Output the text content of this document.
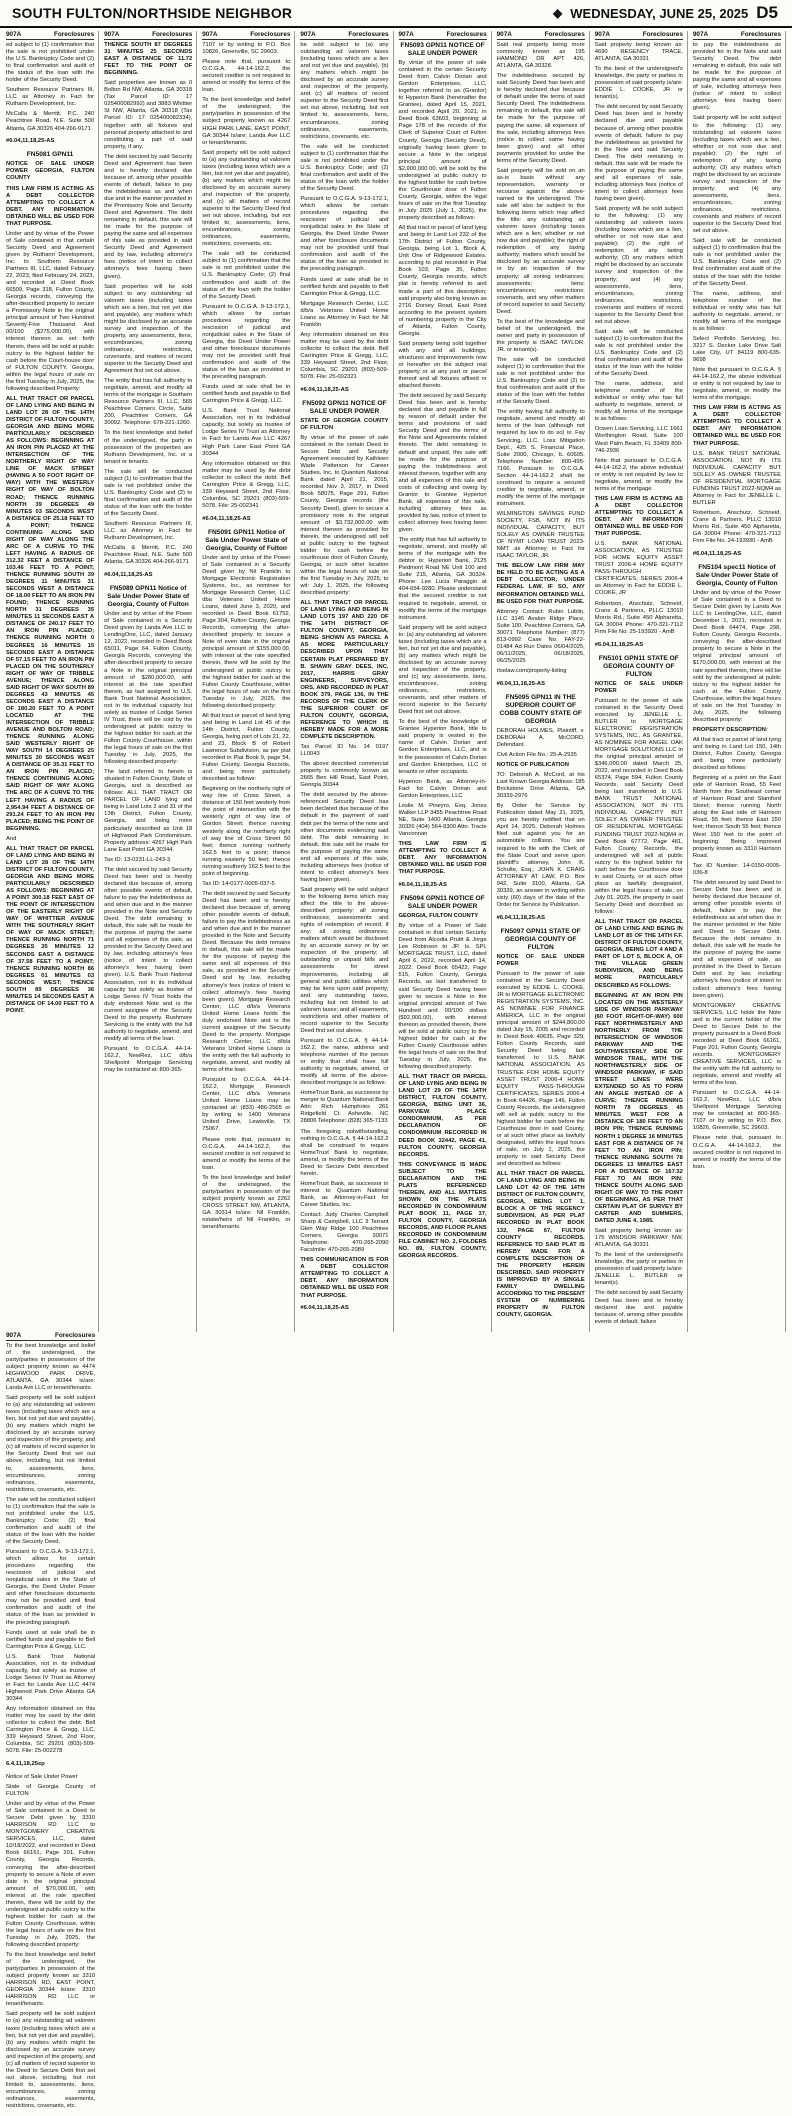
SOUTH FULTON/NORTHSIDE NEIGHBOR	◆ WEDNESDAY, JUNE 25, 2025 D5
907A	Foreclosures

ed subject to (1) confirmation that the sale is not prohibited under the U.S. Bankruptcy Code and (2) to final confirmation and audit of the status of the loan with the holder of the Security Deed.

Southern Resource Partners III, LLC as Attorney in Fact for Ruthann Development, Inc.

McCalla & Merritt, P.C. 240 Peachtree Road, N.E. Suite 500 Atlanta, GA 30326 404-266-9171

#6.04,11,18,25-AS

FN5081 GPN11

NOTICE OF SALE UNDER POWER GEORGIA, FULTON COUNTY

THIS LAW FIRM IS ACTING AS A DEBT COLLECTOR ATTEMPTING TO COLLECT A DEBT. ANY INFORMATION OBTAINED WILL BE USED FOR THAT PURPOSE.

Under and by virtue of the Power of Sale contained in that certain Security Deed and Agreement given by Ruthann Development, Inc. to Southern Resource Partners III, LLC, dated February 22, 2023, filed February 24, 2023, and recorded at Deed Book 66509, Page 318, Fulton County, Georgia records, conveying the after-described property to secure a Promissory Note in the original principal amount of Two Hundred Seventy-Five Thousand And 00/100 ($275,000.00), with interest thereon as set forth therein, there will be sold at public outcry to the highest bidder for cash before the Court-house door of FULTON COUNTY, Georgia, within the legal hours of sale on the first Tuesday in July, 2025, the following described Property:

ALL THAT TRACT OR PARCEL OF LAND LYING AND BEING IN LAND LOT 28 OF THE 14TH DISTRICT OF FULTON COUNTY, GEORGIA AND BEING MORE PARTICULARLY DESCRIBED AS FOLLOWS: BEGINNING AT AN IRON PIN PLACED AT THE INTERSECTION OF THE NORTHERLY RIGHT OF WAY LINE OF MACK STREET (HAVING A 50 FOOT RIGHT OF WAY) WITH THE WESTERLY RIGHT OF WAY OF BOLTON ROAD; THENCE RUNNING NORTH 39 DEGREES 49 MINUTES 03 SECONDS WEST A DISTANCE OF 25.18 FEET TO A POINT; THENCE CONTINUING ALONG SAID RIGHT OF WAY ALONG THE ARC OF A CURVE TO THE LEFT HAVING A RADIUS OF 312.32 FEET A DISTANCE OF 103.46 FEET TO A POINT; THENCE RUNNING SOUTH 39 DEGREES 11 MINUTES 31 SECONDS WEST A DISTANCE OF 18.00 FEET TO AN IRON PIN FOUND; THENCE RUNNING NORTH 31 DEGREES 35 MINUTES 11 SECONDS EAST A DISTANCE OF 240.17 FEET TO AN IRON PIN PLACED; THENCE RUNNING NORTH 0 DEGREES 16 MINUTES 15 SECONDS EAST A DISTANCE OF 57.15 FEET TO AN IRON PIN PLACED ON THE SOUTHERLY RIGHT OF WAY OF TRIBBLE AVENUE; THENCE ALONG SAID RIGHT OF WAY SOUTH 89 DEGREES 43 MINUTES 45 SECONDS EAST A DISTANCE OF 180.20 FEET TO A POINT LOCATED AT THE INTERSECTION OF TRIBBLE AVENUE AND BOLTON ROAD; THENCE RUNNING ALONG SAID WESTERLY RIGHT OF WAY SOUTH 14 DEGREES 25 MINUTES 30 SECONDS WEST A DISTANCE OF 35.31 FEET TO AN IRON PIN PLACED; THENCE CONTINUING ALONG SAID RIGHT OF WAY ALONG THE ARC OF A CURVE TO THE LEFT HAVING A RADIUS OF 2,954.94 FEET A DISTANCE OF 291.24 FEET TO AN IRON PIN PLACED; BEING THE POINT OF BEGINNING.

And

ALL THAT TRACT OR PARCEL OF LAND LYING AND BEING IN LAND LOT 28 OF THE 14TH DISTRICT OF FULTON COUNTY, GEORGIA AND BEING MORE PARTICULARLY DESCRIBED AS FOLLOWS: BEGINNING AT A POINT 300.18 FEET EAST OF THE POINT OF INTERSECTION OF THE EASTERLY RIGHT OF WAY OF WHITTIER AVENUE WITH THE SOUTHERLY RIGHT OF WAY OF MACK STREET; THENCE RUNNING NORTH 71 DEGREES 35 MINUTES 12 SECONDS EAST A DISTANCE OF 37.58 FEET TO A POINT; THENCE RUNNING NORTH 86 DEGREES 01 MINUTES 03 SECONDS WEST; THENCE SOUTH 89 DEGREES 36 MINUTES 14 SECONDS EAST A DISTANCE OF 14.00 FEET TO A POINT.

907A	Foreclosures

THENCE SOUTH 87 DEGREES 31 MINUTES 25 SECONDS EAST A DISTANCE OF 11.72 FEET TO THE POINT OF BEGINNING.

Said properties are known as 0 Bolton Rd NW, Atlanta, GA 30318 (Tax Parcel ID: 17 025400082992) and 3883 Whittier St NW, Atlanta, GA 30318 (Tax Parcel ID: 17 025400082334), together with all fixtures and personal property attached to and constituting a part of said property, if any.

The debt secured by said Security Deed and Agreement has been and is hereby declared due because of, among other possible events of default, failure to pay the indebtedness as and when due and in the manner provided in the Promissory Note and Security Deed and Agreement. The debt remaining in default, this sale will be made for the purpose of paying the same and all expenses of this sale as provided in said Security Deed and Agreement and by law, including attorney's fees (notice of intent to collect attorney's fees having been given).

Said properties will be sold subject to any outstanding ad valorem taxes (including taxes which are a lien, but not yet due and payable), any matters which might be disclosed by an accurate survey and inspection of the property, any assessments, liens, encumbrances, zoning ordinances, restrictions, covenants, and matters of record superior to the Security Deed and Agreement first set out above.

The entity that has full authority to negotiate, amend, and modify all terms of the mortgage is Southern Resource Partners III, LLC, 565 Peachtree Corners Circle, Suite 200, Peachtree Corners, GA 30092. Telephone: 678-221-1260.

To the best knowledge and belief of the undersigned, the party in possession of the properties are Ruthann Development, Inc. or a tenant or tenants.

The sale will be conducted subject (1) to confirmation that the sale is not prohibited under the U.S. Bankruptcy Code and (2) to final confirmation and audit of the status of the loan with the holder of the Security Deed.

Southern Resource Partners III, LLC as Attorney in Fact for Ruthann Development, Inc.

McCalla & Merritt, P.C. 240 Peachtree Road, N.E. Suite 500 Atlanta, GA 30326 404-266-9171

#6.04,11,18,25-AS

FN5089 GPN11 Notice of Sale Under Power State of Georgia, County of Fulton

Under and by virtue of the Power of Sale contained in a Security Deed given by Landa Ave LLC to LendingOne, LLC, dated January 12, 2022, recorded in Deed Book 65011, Page 64, Fulton County, Georgia Records, conveying the after-described property to secure a Note in the original principal amount of $280,000.00, with interest at the rate specified therein, as last assigned to U.S. Bank Trust National Association, not in its individual capacity but solely as trustee of Lodge Series IV Trust, there will be sold by the undersigned at public outcry to the highest bidder for cash at the Fulton County Courthouse, within the legal hours of sale on the first Tuesday in July, 2025, the following described property:

The land referred to herein is situated in Fulton County, State of Georgia, and is described as follows: ALL THAT TRACT OR PARCEL OF LAND lying and being in Land Lots 2 and 31 of the 13th District, Fulton County, Georgia, and being more particularly described as Unit 18 of Highwood Park Condominium. Property address: 4267 High Park Lane East Point GA 30344.

Tax ID: 13-0231-LL-243-3

The debt secured by said Security Deed has been and is hereby declared due because of, among other possible events of default, failure to pay the indebtedness as and when due and in the manner provided in the Note and Security Deed. The debt remaining in default, this sale will be made for the purpose of paying the same and all expenses of this sale, as provided in the Security Deed and by law, including attorney's fees (notice of intent to collect attorney's fees having been given). U.S. Bank Trust National Association, not in its individual capacity but solely as trustee of Lodge Series IV Trust holds the duly endorsed Note and is the current assignee of the Security Deed to the property. Rushmore Servicing is the entity with the full authority to negotiate, amend, and modify all terms of the loan.

Pursuant to O.C.G.A. 44-14-162.2, NewRez, LLC d/b/a Shellpoint Mortgage Servicing may be contacted at: 800-365-

907A	Foreclosures

7107 or by writing to P.O. Box 10826, Greenville, SC 29603.

Please note that, pursuant to O.C.G.A. 44-14-162.2, the secured creditor is not required to amend or modify the terms of the loan.

To the best knowledge and belief of the undersigned, the party/parties in possession of the subject property known as 4267 HIGH PARK LANE, EAST POINT, GA 30344 is/are: Landa Ave LLC or tenant/tenants.

Said property will be sold subject to (a) any outstanding ad valorem taxes (including taxes which are a lien, but not yet due and payable), (b) any matters which might be disclosed by an accurate survey and inspection of the property, and (c) all matters of record superior to the Security Deed first set out above, including, but not limited to, assessments, liens, encumbrances, zoning ordinances, easements, restrictions, covenants, etc.

The sale will be conducted subject to (1) confirmation that the sale is not prohibited under the U.S. Bankruptcy Code; (2) final confirmation and audit of the status of the loan with the holder of the Security Deed.

Pursuant to O.C.G.A. 9-13-172.1, which allows for certain procedures regarding the rescission of judicial and nonjudicial sales in the State of Georgia, the Deed Under Power and other foreclosure documents may not be provided until final confirmation and audit of the status of the loan as provided in the preceding paragraph.

Funds used at sale shall be in certified funds and payable to Bell Carrington Price & Gregg, LLC.

U.S. Bank Trust National Association, not in its individual capacity, but solely as trustee of Lodge Series IV Trust as Attorney in Fact for Landa Ave LLC 4267 High Park Lane East Point GA 30344

Any information obtained on this matter may be used by the debt collector to collect the debt. Bell Carrington Price & Gregg, LLC, 339 Heyward Street, 2nd Floor, Columbia, SC 29201 (803)-509-5078. File: 25-002341

#6.04,11,18,25-AS

FN5091 GPN11 Notice of Sale Under Power State of Georgia, County of Fulton

Under and by virtue of the Power of Sale contained in a Security Deed given by Nil Franklin to Mortgage Electronic Registration Systems, Inc., as nominee for Mortgage Research Center, LLC dba Veterans United Home Loans, dated June 3, 2020, and recorded in Deed Book 61752, Page 304, Fulton County, Georgia Records, conveying the after-described property to secure a Note of even date in the original principal amount of $155,000.00, with interest at the rate specified therein, there will be sold by the undersigned at public outcry to the highest bidder for cash at the Fulton County Courthouse, within the legal hours of sale on the first Tuesday in July, 2025, the following described property:

All that tract or parcel of land lying and being in Land Lot 45 of the 14th District, Fulton County, Georgia, being part of Lots 21, 22, and 23, Block B of Robert Lawrence Subdivision, as per plat recorded in Plat Book 9, page 54, Fulton County, Georgia Records, and being more particularly described as follows:

Beginning on the northerly right of way line of Cross Street, a distance of 150 feet westerly from the point of intersection with the westerly right of way line of Gordon Street; thence running westerly along the northerly right of way line of Cross Street 50 feet; thence running northerly 162.5 feet to a point; thence running easterly 50 feet; thence running southerly 162.5 feet to the point of beginning.

Tax ID: 14-0177-0005-037-5

The debt secured by said Security Deed has been and is hereby declared due because of, among other possible events of default, failure to pay the indebtedness as and when due and in the manner provided in the Note and Security Deed. Because the debt remains in default, this sale will be made for the purpose of paying the same and all expenses of this sale, as provided in the Security Deed and by law, including attorney's fees (notice of intent to collect attorney's fees having been given). Mortgage Research Center, LLC d/b/a Veterans United Home Loans holds the duly endorsed Note and is the current assignee of the Security Deed to the property. Mortgage Research Center, LLC d/b/a Veterans United Home Loans is the entity with the full authority to negotiate, amend, and modify all terms of the loan.

Pursuant to O.C.G.A. 44-14-162.2, Mortgage Research Center, LLC d/b/a Veterans United Home Loans may be contacted at: (833) 486-2565 or by writing to 1400 Veterans United Drive, Lewisville, TX 75067.

Please note that, pursuant to O.C.G.A. 44-14-162.2, the secured creditor is not required to amend or modify the terms of the loan.

To the best knowledge and belief of the undersigned, the party/parties in possession of the subject property known as 2262 CROSS STREET NW, ATLANTA, GA 30314 is/are: Nil Franklin, estate/heirs of Nil Franklin, or tenant/tenants.

907A	Foreclosures

be sold subject to (a) any outstanding ad valorem taxes (including taxes which are a lien and not yet due and payable), (b) any matters which might be disclosed by an accurate survey and inspection of the property, and (c) all matters of record superior to the Security Deed first set out above, including, but not limited to, assessments, liens, encumbrances, zoning ordinances, easements, restrictions, covenants, etc.

The sale will be conducted subject to (1) confirmation that the sale is not prohibited under the U.S. Bankruptcy Code; and (2) final confirmation and audit of the status of the loan with the holder of the Security Deed.

Pursuant to O.C.G.A. 9-13-172.1, which allows for certain procedures regarding the rescission of judicial and nonjudicial sales in the State of Georgia, the Deed Under Power and other foreclosure documents may not be provided until final confirmation and audit of the status of the loan as provided in the preceding paragraph.

Funds used at sale shall be in certified funds and payable to Bell Carrington Price & Gregg, LLC.

Mortgage Research Center, LLC d/b/a Veterans United Home Loans as Attorney in Fact for Nil Franklin

Any information obtained on this matter may be used by the debt collector to collect the debt. Bell Carrington Price & Gregg, LLC, 339 Heyward Street, 2nd Floor, Columbia, SC 29201 (803)-509-5078. File: 25-002321

#6.04,11,18,25-AS

FN5092 GPN11 NOTICE OF SALE UNDER POWER

STATE OF GEORGIA COUNTY OF FULTON

By virtue of the power of sale contained in the certain Deed to Secure Debt and Security Agreement executed by Kathleen Wade Patterson for Career Studies, Inc. to Quantum National Bank dated April 21, 2015, recorded Nov 3, 2017, in Deed Book 58075, Page 291, Fulton County, Georgia records (the Security Deed), given to secure a promissory note in the original amount of $3,732,000.00 with interest thereon as provided for therein, the undersigned will sell at public outcry to the highest bidder for cash before the courthouse door of Fulton County, Georgia, or such other location within the legal hours of sale on the first Tuesday in July, 2025, to wit: July 1, 2025, the following described property:

ALL THAT TRACT OR PARCEL OF LAND LYING AND BEING IN LAND LOTS 197 AND 220 OF THE 14TH DISTRICT OF FULTON COUNTY, GEORGIA, BEING SHOWN AS PARCEL A AS MORE PARTICULARLY DESCRIBED UPON THAT CERTAIN PLAT PREPARED BY B. SHAWN GRAY DEES, INC. 2017, HARRIS GRAY ENGINEERS, SURVEYORS, ORS, AND RECORDED IN PLAT BOOK 379, PAGE 136, IN THE RECORDS OF THE CLERK OF THE SUPERIOR COURT OF FULTON COUNTY, GEORGIA, REFERENCE TO WHICH IS HEREBY MADE FOR A MORE COMPLETE DESCRIPTION.

Tax Parcel ID No. 14 0197 LL0043

The above described commercial property is commonly known as 2665 Ben Hill Road, East Point, Georgia 30344

The debt secured by the above-referenced Security Deed has been declared due because of the default in the payment of said debt per the terms of the note and other documents evidencing said debt. The debt remaining in default, this sale will be made for the purpose of paying the same and all expenses of this sale, including attorneys fees (notice of intent to collect attorney's fees having been given).

Said property will be sold subject to the following items which may affect the title to the above-described property: all zoning ordinances; assessments and rights of redemption of record, if any; all zoning ordinances; matters which would be disclosed by an accurate survey or by an inspection of the property; all outstanding or unpaid bills and assessments for street improvements, including all general and public utilities which may be liens upon said property; and any outstanding taxes, including but not limited to ad valorem taxes; and all easements, restrictions and other matters of record superior to the Security Deed first set out above.

Pursuant to O.C.G.A. § 44-14-162.2, the name, address and telephone number of the person or entity that shall have full authority to negotiate, amend, or modify all terms of the above-described mortgage is as follows:

HomeTrust Bank, as successor by merger to Quantum National Bank Attn: Rich Humphries 261 Ridgefield Ct. Asheville, NC 28806 Telephone: (828) 365-7133

The foregoing notwithstanding, nothing in O.C.G.A. § 44-14-162.2 shall be construed to require HomeTrust Bank to negotiate, amend, or modify the terms of the Deed to Secure Debt described herein.

HomeTrust Bank, as successor in interest to Quantum National Bank, as Attorney-in-Fact for Career Studies, Inc.

Contact: Judy Charles Campbell Sharp & Campbell, LLC 3 Tarrant Glen Way Ridge 100 Peachtree Corners, Georgia 30071 Telephone: 470-265-2090 Facsimile: 470-265-2089

THIS COMMUNICATION IS FOR A DEBT COLLECTOR ATTEMPTING TO COLLECT A DEBT. ANY INFORMATION OBTAINED WILL BE USED FOR THAT PURPOSE.

#6.04,11,18,25-AS

907A	Foreclosures
FN5093 GPN11 NOTICE OF SALE UNDER POWER

By virtue of the power of sale contained in the certain Security Deed from Calvin Dorian and Gordon Enterprises, LLC, together referred to as (Grantor) to Hyperion Bank (hereinafter the Grantee), dated April 15, 2021, and recorded April 20, 2021, in Deed Book 63603, beginning at Page 178 of the records of the Clerk of Superior Court of Fulton County, Georgia (Security Deed), originally having been given to secure a Note in the original principal amount of $2,900,000.00, will be sold by the undersigned at public outcry to the highest bidder for cash before the Courthouse door of Fulton County, Georgia, within the legal hours of sale on the first Tuesday in July 2025 (July 1, 2025), the property described as follows:

All that tract or parcel of land lying and being in Land Lot 232 of the 17th District of Fulton County, Georgia, being Lot 1, Block A, Unit One of Ridgewood Estates, according to plat recorded in Plat Book 103, Page 35, Fulton County, Georgia records, which plat is hereby referred to and made a part of this description; said property also being known as 2716 Dorsey Road, East Point according to the present system of numbering property in the City of Atlanta, Fulton County, Georgia.

Said property being sold together with any and all buildings, structures and improvements now or hereafter on the subject real property or at any part or parcel thereof and all fixtures affixed or attached thereto.

The debt secured by said Security Deed has been and is hereby declared due and payable in full by reason of default under the terms and provisions of said Security Deed and the terms of the Note and Agreements related thereto. The debt remaining in default and unpaid, this sale will be made for the purpose of paying the indebtedness and interest thereon, together with any and all expenses of this sale and costs of collecting and owing by Grantor to Grantee Hyperion Bank, all expenses of this sale, including attorney fees as provided by law, notice of intent to collect attorney fees having been given.

The entity that has full authority to negotiate, amend, and modify all terms of the mortgage with the debtor is: Hyperion Bank, 2125 Piedmont Road NE Unit 100 and Suite 215, Atlanta, GA 30324. Phone: Lee Lucia Paraggio at 404-654-9280. Please understand that the secured creditor is not required to negotiate, amend, or modify the terms of the mortgage instrument.

Said property will be sold subject to: (a) any outstanding ad valorem taxes (including taxes which are a lien, but not yet due and payable), (b) any matters which might be disclosed by an accurate survey and inspection of the property, and (c) any assessments, liens, encumbrances, zoning ordinances, restrictions, covenants, and other matters of record superior to the Security Deed first set out above.

To the best of the knowledge of Grantee Hyperion Bank, title to said property is vested in the name of Calvin Dorian and Gordon Enterprises, LLC, and is in the possession of Calvin Dorian and Gordon Enterprises, LLC or tenants or other occupants.

Hyperion Bank, as Attorney-in-Fact for Calvin Dorian and Gordon Enterprises, LLC

Leslie M. Pineyro, Esq. Jones Walker LLP 3455 Peachtree Road NE, Suite 1400 Atlanta, Georgia 30326 (404) 564-9300 Attn: Tracie Vanconnan

THIS LAW FIRM IS ATTEMPTING TO COLLECT A DEBT. ANY INFORMATION OBTAINED WILL BE USED FOR THAT PURPOSE.

#6.04,11,18,25-AS

FN5094 GPN11 NOTICE OF SALE UNDER POWER

GEORGIA, FULTON COUNTY

By virtue of a Power of Sale contained in that certain Security Deed from Alcodia Pruitt & Jorge Lee Robinson to JP. Is. SPL MORTGAGE TRUST, LLC, dated April 6, 2022, recorded April 14, 2022, Deed Book 65422, Page 515, Fulton County, Georgia Records, as last transferred to said Security Deed having been given to secure a Note in the original principal amount of Two Hundred and 00/100 dollars ($92,000.00), with interest thereon as provided therein, there will be sold at public outcry to the highest bidder for cash at the Fulton County Courthouse within the legal hours of sale on the first Tuesday in July, 2025, the following described property:

ALL THAT TRACT OR PARCEL OF LAND LYING AND BEING IN LAND LOT 29 OF THE 14TH DISTRICT, FULTON COUNTY, GEORGIA, BEING UNIT 36, PARKVIEW PLACE CONDOMINIUM, AS PER DECLARATION OF CONDOMINIUM RECORDED IN DEED BOOK 32442, PAGE 41, FULTON COUNTY, GEORGIA RECORDS.

THIS CONVEYANCE IS MADE SUBJECT TO THE DECLARATION AND THE PLATS REFERENCED THEREIN, AND ALL MATTERS SHOWN ON THE PLATS RECORDED IN CONDOMINIUM PLAT BOOK 11, PAGE 37, FULTON COUNTY, GEORGIA RECORDS, AND FLOOR PLANS RECORDED IN CONDOMINIUM FILE CABINET NO. 2, FOLDERS NO. 89, FULTON COUNTY, GEORGIA RECORDS.

907A	Foreclosures

Said real property being more commonly known as 195 HAMMOND DR APT 426, ATLANTA, GA 30328.

The indebtedness secured by said Security Deed has been and is hereby declared due because of default under the terms of said Security Deed. The indebtedness remaining in default, this sale will be made for the purpose of paying the same, all expenses of the sale, including attorneys fees (notice to collect same having been given) and all other payments provided for under the terms of the Security Deed.

Said property will be sold on an as-is basis without any representation, warranty or recourse against the above-named or the undersigned. The sale will also be subject to the following items which may affect the title: any outstanding ad valorem taxes (including taxes which are a lien, whether or not now due and payable); the right of redemption of any taxing authority; matters which would be disclosed by an accurate survey or by an inspection of the property; all zoning ordinances; assessments; liens; encumbrances; restrictions; covenants, and any other matters of record superior to said Security Deed.

To the best of the knowledge and belief of the undersigned, the owner and party in possession of the property is ISAAC TAYLOR, JR. or tenant(s).

The sale will be conducted subject (1) to confirmation that the sale is not prohibited under the U.S. Bankruptcy Code and (2) to final confirmation and audit of the status of the loan with the holder of the Security Deed.

The entity having full authority to negotiate, amend and modify all terms of the loan (although not required by law to do so) is: Fay Servicing, LLC, Loss Mitigation Dept., 425 S. Financial Place, Suite 2000, Chicago, IL 60605. Telephone Number: 800-495-7166. Pursuant to O.C.G.A. Section 44-14-162.2 shall be construed to require a secured creditor to negotiate, amend, or modify the terms of the mortgage instrument.

WILMINGTON SAVINGS FUND SOCIETY, FSB, NOT IN ITS INDIVIDUAL CAPACITY, BUT SOLELY AS OWNER TRUSTEE OF NYMT LOAN TRUST 2023-NMT as Attorney in Fact for ISAAC TAYLOR, JR.

THE BELOW LAW FIRM MAY BE HELD TO BE ACTING AS A DEBT COLLECTOR, UNDER FEDERAL LAW. IF SO, ANY INFORMATION OBTAINED WILL BE USED FOR THAT PURPOSE.

Attorney Contact: Rubin Lublin, LLC 3145 Avalon Ridge Place, Suite 100, Peachtree Corners, GA 30071 Telephone Number: (877) 813-0992 Case No. FAY-22-01484 Ad Run Dates 06/04/2025, 06/11/2025, 06/18/2025, 06/25/2025

rlselaw.com/property-listing

#6.04,11,18,25-AS

FN5095 GPN11 IN THE SUPERIOR COURT OF COBB COUNTY STATE OF GEORGIA

DEBORAH HOLMES, Plaintiff, v. DEBORAH A. McCORD, Defendant.

Civil Action File No.: 25-A-2935

NOTICE OF PUBLICATION

TO: Deborah A. McCord, at his Last Known Georgia Address: 185 Brickstone Drive Atlanta, GA 30339-2976

By Order for Service by Publication dated May 21, 2025, you are hereby notified that on April 14, 2025, Deborah Holmes filed suit against you for an automobile collision. You are required to file with the Clerk of the State Court and serve upon plaintiff's attorney, John K. Schulte, Esq., JOHN K. CRAIG ATTORNEY AT LAW, P.O. Box 942, Suite 3100, Atlanta, GA 30339, an answer in writing within sixty (60) days of the date of the Order for Service by Publication.

#6.04,11,18,25-AS

FN5097 GPN11 STATE OF GEORGIA COUNTY OF FULTON

NOTICE OF SALE UNDER POWER

Pursuant to the power of sale contained in the Security Deed executed by EDDIE L. COOKE, JR to MORTGAGE ELECTRONIC REGISTRATION SYSTEMS, INC. AS NOMINEE FOR FINANCE AMERICA, LLC in the original principal amount of $244,800.00 dated July 15, 2005 and recorded in Deed Book 40635, Page 329, Fulton County Records, said Security Deed being last transferred to U.S. BANK NATIONAL ASSOCIATION, AS TRUSTEE FOR HOME EQUITY ASSET TRUST 2006-4 HOME EQUITY PASS-THROUGH CERTIFICATES, SERIES 2006-4 in Book 64426, Page 146, Fulton County Records, the undersigned will sell at public outcry to the highest bidder for cash before the Courthouse door in said County, or at such other place as lawfully designated, within the legal hours of sale, on July 1, 2025, the property in said Security Deed and described as follows:

ALL THAT TRACT OR PARCEL OF LAND LYING AND BEING IN LAND LOT 42 OF THE 14TH DISTRICT OF FULTON COUNTY, GEORGIA, BEING LOT 1, BLOCK A OF THE REGENCY SUBDIVISION, AS PER PLAT RECORDED IN PLAT BOOK 132, PAGE 67, FULTON COUNTY RECORDS. REFERENCE TO SAID PLAT IS HEREBY MADE FOR A COMPLETE DESCRIPTION OF THE PROPERTY HEREIN DESCRIBED. SAID PROPERTY IS IMPROVED BY A SINGLE FAMILY DWELLING ACCORDING TO THE PRESENT SYSTEM OF NUMBERING PROPERTY IN FULTON COUNTY, GEORGIA.

907A	Foreclosures

Said property being known as: 4690 REGENCY TRACE, ATLANTA, GA 30331

To the best of the undersigned's knowledge, the party or parties in possession of said property is/are: EDDIE L. COOKE, JR or tenant(s).

The debt secured by said Security Deed has been and is hereby declared due and payable because of, among other possible events of default, failure to pay the indebtedness as provided for in the Note and said Security Deed. The debt remaining in default, this sale will be made for the purpose of paying the same and all expenses of sale, including attorneys fees (notice of intent to collect attorneys fees having been given).

Said property will be sold subject to the following: (1) any outstanding ad valorem taxes (including taxes which are a lien, whether or not now due and payable); (2) the right of redemption of any taxing authority; (3) any matters which might be disclosed by an accurate survey and inspection of the property; and (4) any assessments, liens, encumbrances, zoning ordinances, restrictions, covenants and matters of record superior to the Security Deed first set out above.

Said sale will be conducted subject (1) to confirmation that the sale is not prohibited under the U.S. Bankruptcy Code and (2) final confirmation and audit of the status of the loan with the holder of the Security Deed.

The name, address, and telephone number of the individual or entity who has full authority to negotiate, amend, or modify all terms of the mortgage is as follows:

Ocwen Loan Servicing, LLC 1661 Worthington Road, Suite 100 West Palm Beach, FL 33409 800-746-2936

Note that pursuant to O.C.G.A. 44-14-162.2, the above individual or entity is not required by law to negotiate, amend, or modify the terms of the mortgage.

THIS LAW FIRM IS ACTING AS A DEBT COLLECTOR ATTEMPTING TO COLLECT A DEBT. ANY INFORMATION OBTAINED WILL BE USED FOR THAT PURPOSE.

U.S. BANK NATIONAL ASSOCIATION, AS TRUSTEE FOR HOME EQUITY ASSET TRUST 2006-4 HOME EQUITY PASS-THROUGH CERTIFICATES, SERIES 2006-4 as Attorney in Fact for EDDIE L. COOKE, JR

Robertson, Anschutz, Schneid, Crane & Partners, PLLC 13010 Morris Rd., Suite 450 Alpharetta, GA 30004 Phone: 470-321-7112 Firm File No. 25-193920 - AmB

#6.04,11,18,25-AS

FN5101 GPN11 STATE OF GEORGIA COUNTY OF FULTON

NOTICE OF SALE UNDER POWER

Pursuant to the power of sale contained in the Security Deed executed by JENELLE L. BUTLER to MORTGAGE ELECTRONIC REGISTRATION SYSTEMS, INC., AS GRANTEE, AS NOMINEE FOR ANGEL OAK MORTGAGE SOLUTIONS LLC in the original principal amount of $346,000.00 dated March 25, 2022, and recorded in Deed Book 65374, Page 594, Fulton County Records, said Security Deed being last transferred to U.S. BANK TRUST NATIONAL ASSOCIATION, NOT IN ITS INDIVIDUAL CAPACITY BUT SOLELY AS OWNER TRUSTEE OF RESIDENTIAL MORTGAGE FUNDING TRUST 2022-NQM4 in Deed Book 67772, Page 481, Fulton County Records, the undersigned will sell at public outcry to the highest bidder for cash before the Courthouse door in said County, or at such other place as lawfully designated, within the legal hours of sale, on July 01, 2025, the property in said Security Deed and described as follows:

ALL THAT TRACT OR PARCEL OF LAND LYING AND BEING IN LAND LOT 85 OF THE 14TH F.F. DISTRICT OF FULTON COUNTY, GEORGIA, BEING LOT 4 AND A PART OF LOT 5, BLOCK A, OF THE VILLAGE GREEN SUBDIVISION, AND BEING MORE PARTICULARLY DESCRIBED AS FOLLOWS:

BEGINNING AT AN IRON PIN LOCATED ON THE WESTERLY SIDE OF WINDSOR PARKWAY (60 FOOT RIGHT-OF-WAY) 600 FEET NORTHWESTERLY AND NORTHERLY FROM THE INTERSECTION OF WINDSOR PARKWAY AND THE SOUTHWESTERLY SIDE OF WINDSOR TRAIL, WITH THE NORTHWESTERLY SIDE OF WINDSOR PARKWAY, IF SAID STREET LINES WERE EXTENDED SO AS TO FORM AN ANGLE INSTEAD OF A CURVE; THENCE RUNNING NORTH 78 DEGREES 45 MINUTES WEST FOR A DISTANCE OF 180 FEET TO AN IRON PIN; THENCE RUNNING NORTH 1 DEGREE 16 MINUTES EAST FOR A DISTANCE OF 74 FEET TO AN IRON PIN; THENCE RUNNING SOUTH 78 DEGREES 13 MINUTES EAST FOR A DISTANCE OF 167.32 FEET TO AN IRON PIN; THENCE SOUTH ALONG SAID RIGHT OF WAY TO THE POINT OF BEGINNING, AS PER THAT CERTAIN PLAT OF SURVEY BY CARTER AND SUMMERS, DATED JUNE 4, 1985.

Said property being known as: 175 WINDSOR PARKWAY NW, ATLANTA, GA 30331

To the best of the undersigned's knowledge, the party or parties in possession of said property is/are: JENELLE L. BUTLER or tenant(s).

The debt secured by said Security Deed has been and is hereby declared due and payable because of, among other possible events of default, failure

907A	Foreclosures

to pay the indebtedness as provided for in the Note and said Security Deed. The debt remaining in default, this sale will be made for the purpose of paying the same and all expenses of sale, including attorneys fees (notice of intent to collect attorneys fees having been given).

Said property will be sold subject to the following: (1) any outstanding ad valorem taxes (including taxes which are a lien, whether or not now due and payable); (2) the right of redemption of any taxing authority; (3) any matters which might be disclosed by an accurate survey and inspection of the property; and (4) any assessments, liens, encumbrances, zoning ordinances, restrictions, covenants and matters of record superior to the Security Deed first set out above.

Said sale will be conducted subject (1) to confirmation that the sale is not prohibited under the U.S. Bankruptcy Code and (2) final confirmation and audit of the status of the loan with the holder of the Security Deed.

The name, address, and telephone number of the individual or entity who has full authority to negotiate, amend, or modify all terms of the mortgage is as follows:

Select Portfolio Servicing, Inc. 3217 S. Decker Lake Drive Salt Lake City, UT 84119 800-635-9698

Note that pursuant to O.C.G.A. § 44-14-162.2, the above individual or entity is not required by law to negotiate, amend, or modify the terms of the mortgage.

THIS LAW FIRM IS ACTING AS A DEBT COLLECTOR ATTEMPTING TO COLLECT A DEBT. ANY INFORMATION OBTAINED WILL BE USED FOR THAT PURPOSE.

U.S. BANK TRUST NATIONAL ASSOCIATION, NOT IN ITS INDIVIDUAL CAPACITY BUT SOLELY AS OWNER TRUSTEE OF RESIDENTIAL MORTGAGE FUNDING TRUST 2022-NQM4 as Attorney in Fact for JENELLE L. BUTLER

Robertson, Anschutz, Schneid, Crane & Partners, PLLC 13010 Morris Rd., Suite 450 Alpharetta, GA 30004 Phone: 470-321-7112 Firm File No. 24-193930 - AmB

#6.04,11,18,25-AS

FN5104 spec11 Notice of Sale Under Power State of Georgia, County of Fulton

Under and by virtue of the Power of Sale contained in a Deed to Secure Debt given by Landa Ave LLC to LendingOne, LLC, dated December 1, 2021, recorded in Deed Book 64474, Page 298, Fulton County, Georgia Records, conveying the after-described property to secure a Note in the original principal amount of $170,000.00, with interest at the rate specified therein, there will be sold by the undersigned at public outcry to the highest bidder for cash at the Fulton County Courthouse, within the legal hours of sale on the first Tuesday in July, 2025, the following described property:

PROPERTY DESCRIPTION:

All that tract or parcel of land lying and being in Land Lot 150, 14th District, Fulton County, Georgia and being more particularly described as follows:

Beginning at a point on the East side of Harrison Road, 55 Feet North from the Southeast corner of Harrison Road and Stamford Street; thence running North along the East side of Harrison Road, 55 feet; thence East 150 feet; thence South 55 feet; thence West 150 feet to the point of beginning. Being improved property known as 3310 Harrison Road.

Tax ID Number: 14-0150-0005-036-8

The debt secured by said Deed to Secure Debt has been and is hereby declared due because of, among other possible events of default, failure to pay the indebtedness as and when due in the manner provided in the Note and Deed to Secure Debt. Because the debt remains in default, this sale will be made for the purpose of paying the same and all expenses of sale, as provided in the Deed to Secure Debt and by law, including attorney's fees (notice of intent to collect attorney's fees having been given).

MONTGOMERY CREATIVE SERVICES, LLC holds the Note and is the current holder of the Deed to Secure Debt to the property pursuant to a Deed Book recorded at Deed Book 66161, Page 201, Fulton County, Georgia records. MONTGOMERY CREATIVE SERVICES, LLC is the entity with the full authority to negotiate, amend and modify all terms of the loan.

Pursuant to O.C.G.A. 44-14-162.2, NewRez, LLC d/b/a Shellpoint Mortgage Servicing may be contacted at: 800-365-7107 or by writing to P.O. Box 10826, Greenville, SC 29603.

Please note that, pursuant to O.C.G.A. 44-14-162.2, the secured creditor is not required to amend or modify the terms of the loan.

907A	Foreclosures

To the best knowledge and belief of the undersigned, the party/parties in possession of the subject property known as 4474 HIGHWOOD PARK DRIVE, ATLANTA, GA 30344 is/are: Landa Ave LLC or tenant/tenants.

Said property will be sold subject to (a) any outstanding ad valorem taxes (including taxes which are a lien, but not yet due and payable), (b) any matters which might be disclosed by an accurate survey and inspection of the property, and (c) all matters of record superior to the Security Deed first set out above, including, but not limited to, assessments, liens, encumbrances, zoning ordinances, easements, restrictions, covenants, etc.

The sale will be conducted subject to (1) confirmation that the sale is not prohibited under the U.S. Bankruptcy Code; (2) final confirmation and audit of the status of the loan with the holder of the Security Deed.

Pursuant to O.C.G.A. 9-13-172.1, which allows for certain procedures regarding the rescission of judicial and nonjudicial sales in the State of Georgia, the Deed Under Power and other foreclosure documents may not be provided until final confirmation and audit of the status of the loan as provided in the preceding paragraph.

Funds used at sale shall be in certified funds and payable to Bell Carrington Price & Gregg, LLC.

U.S. Bank Trust National Association, not in its individual capacity, but solely as trustee of Lodge Series IV Trust as Attorney in Fact for Landa Ave LLC 4474 Highwood Park Drive Atlanta GA 30344

Any information obtained on this matter may be used by the debt collector to collect the debt. Bell Carrington Price & Gregg, LLC, 339 Heyward Street, 2nd Floor, Columbia, SC 29201 (803)-509-5078. File: 25-002278

6.4,11,18,25sp

Notice of Sale Under Power

State of Georgia County of FULTON

Under and by virtue of the Power of Sale contained in a Deed to Secure Debt given by 3310 HARRISON RD LLC to MONTGOMERY CREATIVE SERVICES, LLC, dated 10/18/2022, and recorded in Deed Book 66161, Page 201, Fulton County, Georgia Records, conveying the after-described property to secure a Note of even date in the original principal amount of $70,000.00, with interest at the rate specified therein, there will be sold by the undersigned at public outcry to the highest bidder for cash at the Fulton County Courthouse, within the legal hours of sale on the first Tuesday in July, 2025, the following described property:

To the best knowledge and belief of the undersigned, the party/parties in possession of the subject property known as 3310 HARRISON RD, EAST POINT, GEORGIA 30344 is/are: 3310 HARRISON RD LLC or tenant/tenants.

Said property will be sold subject to (a) any outstanding ad valorem taxes (including taxes which are a lien, but not yet due and payable), (b) any matters which might be disclosed by an accurate survey and inspection of the property, and (c) all matters of record superior to the Deed to Secure Debt first set out above, including, but not limited to, assessments, liens, encumbrances, zoning ordinances, easements, restrictions, covenants, etc.
